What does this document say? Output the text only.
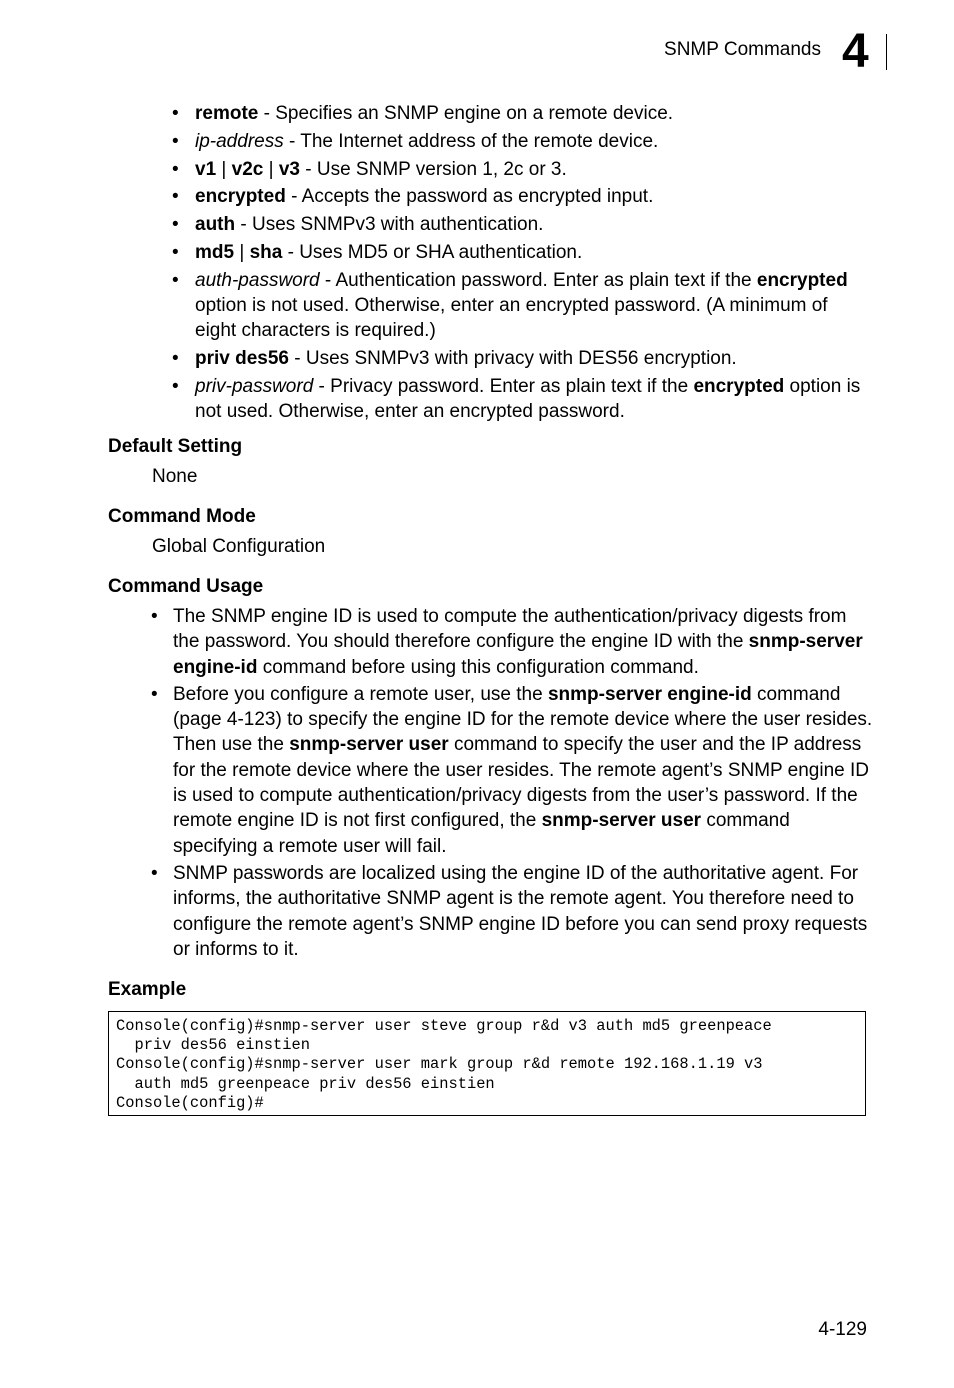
SNMP Commands 4
• remote - Specifies an SNMP engine on a remote device.
• ip-address - The Internet address of the remote device.
• v1 | v2c | v3 - Use SNMP version 1, 2c or 3.
• encrypted - Accepts the password as encrypted input.
• auth - Uses SNMPv3 with authentication.
• md5 | sha - Uses MD5 or SHA authentication.
• auth-password - Authentication password. Enter as plain text if the encrypted option is not used. Otherwise, enter an encrypted password. (A minimum of eight characters is required.)
• priv des56 - Uses SNMPv3 with privacy with DES56 encryption.
• priv-password - Privacy password. Enter as plain text if the encrypted option is not used. Otherwise, enter an encrypted password.
Default Setting
None
Command Mode
Global Configuration
Command Usage
• The SNMP engine ID is used to compute the authentication/privacy digests from the password. You should therefore configure the engine ID with the snmp-server engine-id command before using this configuration command.
• Before you configure a remote user, use the snmp-server engine-id command (page 4-123) to specify the engine ID for the remote device where the user resides. Then use the snmp-server user command to specify the user and the IP address for the remote device where the user resides. The remote agent’s SNMP engine ID is used to compute authentication/privacy digests from the user’s password. If the remote engine ID is not first configured, the snmp-server user command specifying a remote user will fail.
• SNMP passwords are localized using the engine ID of the authoritative agent. For informs, the authoritative SNMP agent is the remote agent. You therefore need to configure the remote agent’s SNMP engine ID before you can send proxy requests or informs to it.
Example
Console(config)#snmp-server user steve group r&d v3 auth md5 greenpeace
priv des56 einstien
Console(config)#snmp-server user mark group r&d remote 192.168.1.19 v3
auth md5 greenpeace priv des56 einstien
Console(config)#
4-129
